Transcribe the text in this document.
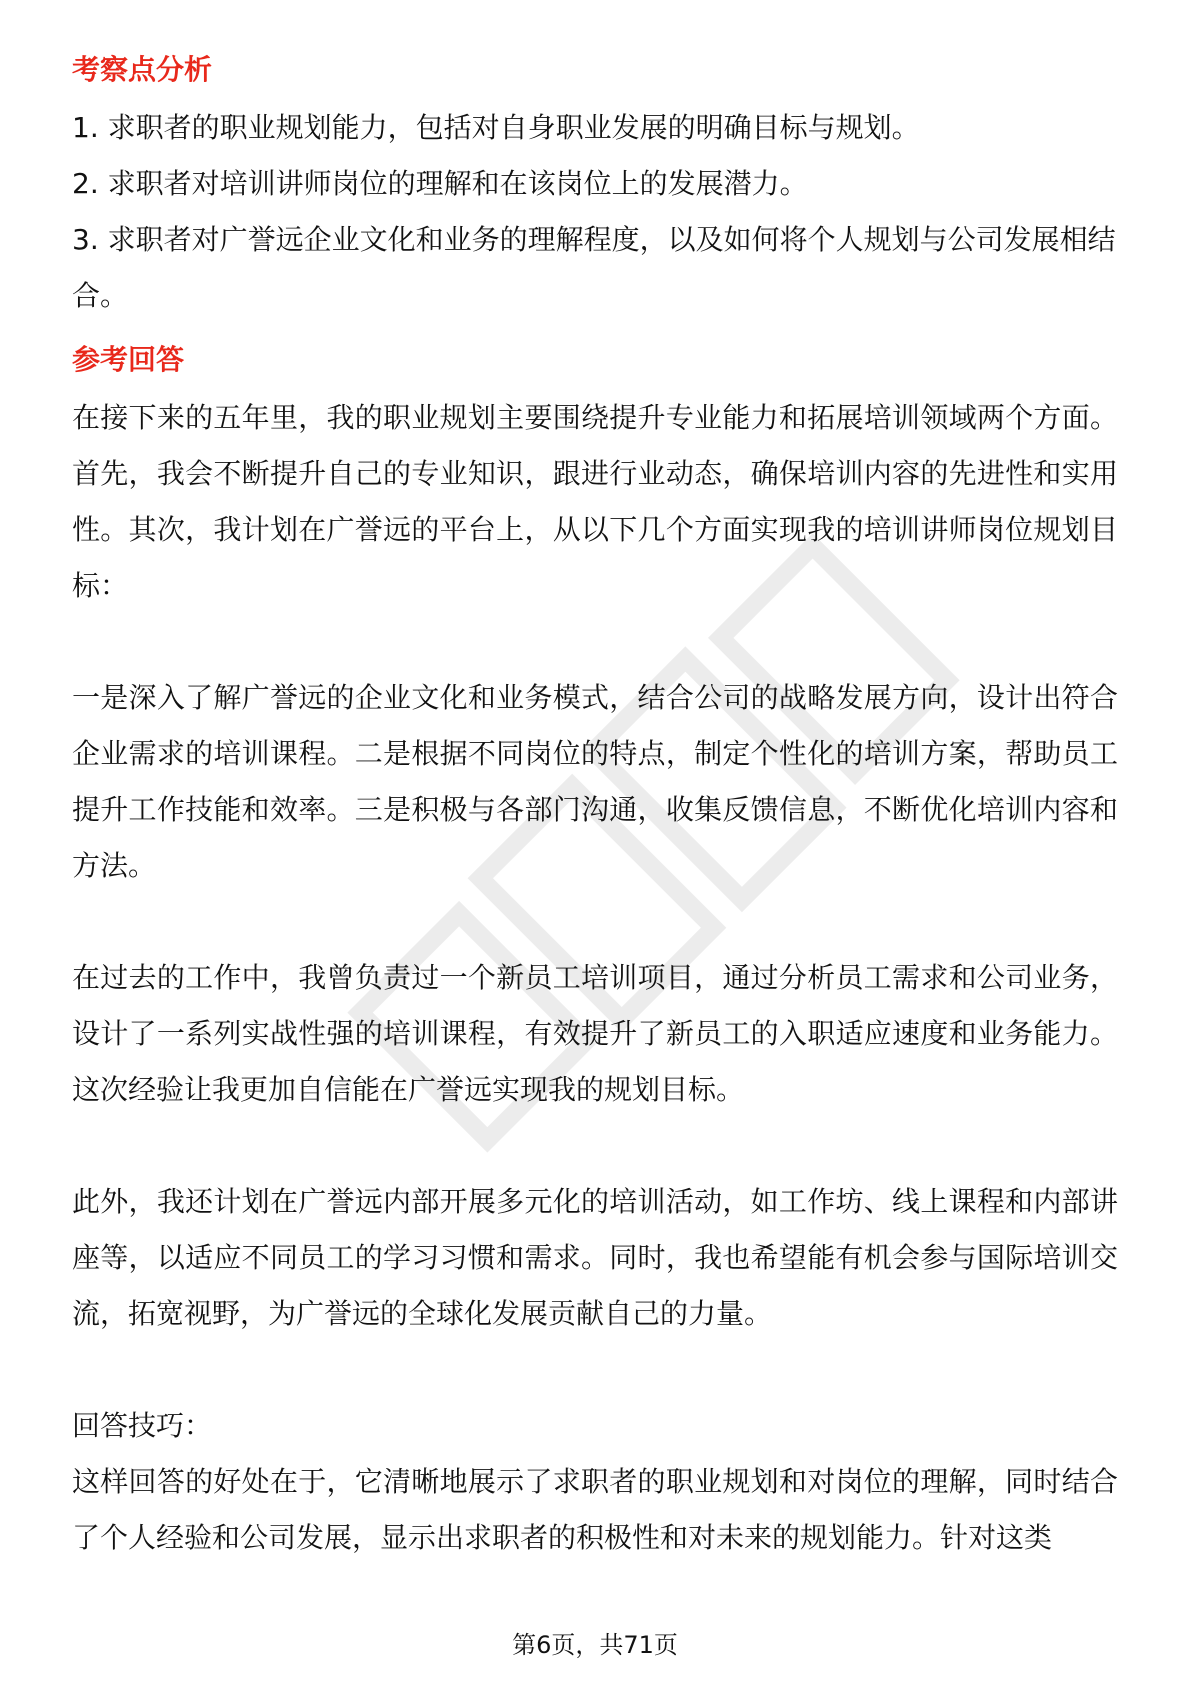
考察点分析

1. 求职者的职业规划能力，包括对自身职业发展的明确目标与规划。

2. 求职者对培训讲师岗位的理解和在该岗位上的发展潜力。

3. 求职者对广誉远企业文化和业务的理解程度，以及如何将个人规划与公司发展相结合。

参考回答

在接下来的五年里，我的职业规划主要围绕提升专业能力和拓展培训领域两个方面。首先，我会不断提升自己的专业知识，跟进行业动态，确保培训内容的先进性和实用性。其次，我计划在广誉远的平台上，从以下几个方面实现我的培训讲师岗位规划目标：

一是深入了解广誉远的企业文化和业务模式，结合公司的战略发展方向，设计出符合企业需求的培训课程。二是根据不同岗位的特点，制定个性化的培训方案，帮助员工提升工作技能和效率。三是积极与各部门沟通，收集反馈信息，不断优化培训内容和方法。

在过去的工作中，我曾负责过一个新员工培训项目，通过分析员工需求和公司业务，设计了一系列实战性强的培训课程，有效提升了新员工的入职适应速度和业务能力。这次经验让我更加自信能在广誉远实现我的规划目标。

此外，我还计划在广誉远内部开展多元化的培训活动，如工作坊、线上课程和内部讲座等，以适应不同员工的学习习惯和需求。同时，我也希望能有机会参与国际培训交流，拓宽视野，为广誉远的全球化发展贡献自己的力量。

回答技巧：

这样回答的好处在于，它清晰地展示了求职者的职业规划和对岗位的理解，同时结合了个人经验和公司发展，显示出求职者的积极性和对未来的规划能力。针对这类

第6页，共71页
